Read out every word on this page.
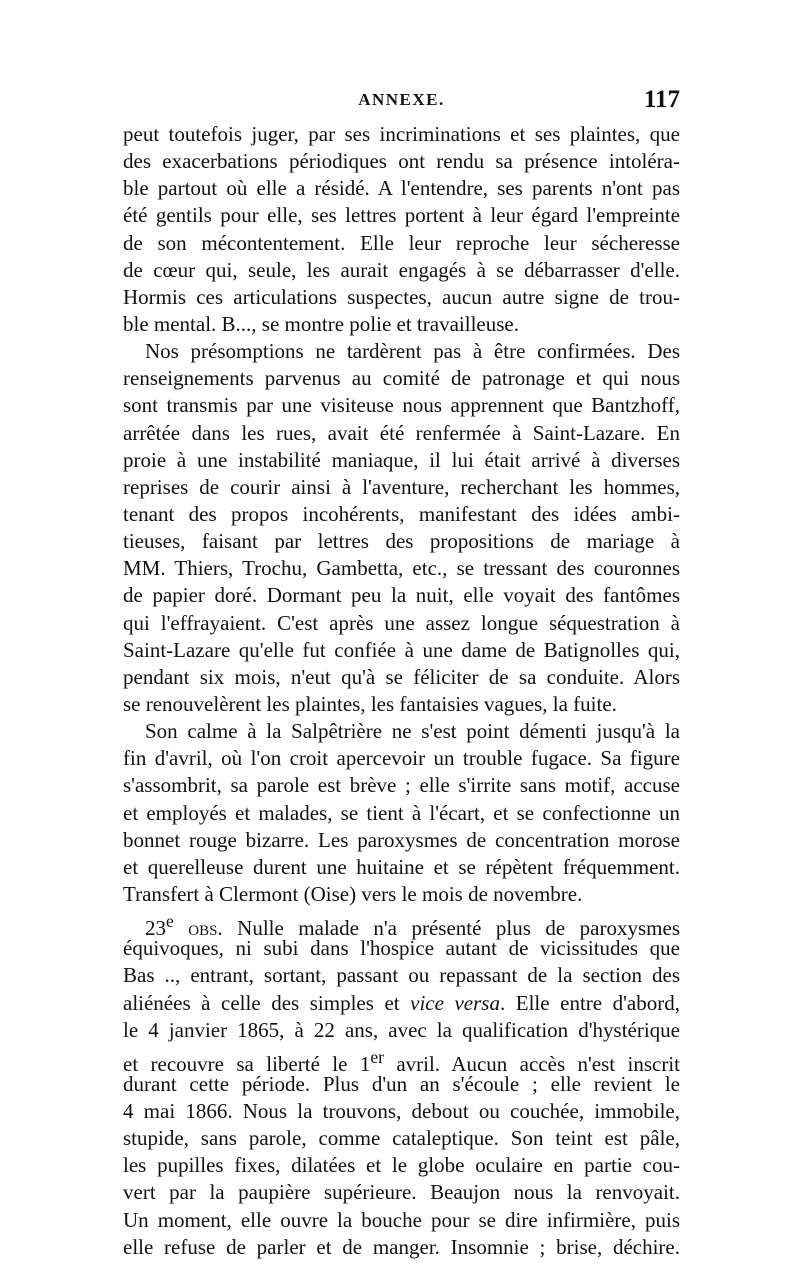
ANNEXE.	117
peut toutefois juger, par ses incriminations et ses plaintes, que
des exacerbations périodiques ont rendu sa présence intoléra-
ble partout où elle a résidé. A l'entendre, ses parents n'ont pas
été gentils pour elle, ses lettres portent à leur égard l'empreinte
de son mécontentement. Elle leur reproche leur sécheresse
de cœur qui, seule, les aurait engagés à se débarrasser d'elle.
Hormis ces articulations suspectes, aucun autre signe de trou-
ble mental. B..., se montre polie et travailleuse.
Nos présomptions ne tardèrent pas à être confirmées. Des
renseignements parvenus au comité de patronage et qui nous
sont transmis par une visiteuse nous apprennent que Bantzhoff,
arrêtée dans les rues, avait été renfermée à Saint-Lazare. En
proie à une instabilité maniaque, il lui était arrivé à diverses
reprises de courir ainsi à l'aventure, recherchant les hommes,
tenant des propos incohérents, manifestant des idées ambi-
tieuses, faisant par lettres des propositions de mariage à
MM. Thiers, Trochu, Gambetta, etc., se tressant des couronnes
de papier doré. Dormant peu la nuit, elle voyait des fantômes
qui l'effrayaient. C'est après une assez longue séquestration à
Saint-Lazare qu'elle fut confiée à une dame de Batignolles qui,
pendant six mois, n'eut qu'à se féliciter de sa conduite. Alors
se renouvelèrent les plaintes, les fantaisies vagues, la fuite.
Son calme à la Salpêtrière ne s'est point démenti jusqu'à la
fin d'avril, où l'on croit apercevoir un trouble fugace. Sa figure
s'assombrit, sa parole est brève ; elle s'irrite sans motif, accuse
et employés et malades, se tient à l'écart, et se confectionne un
bonnet rouge bizarre. Les paroxysmes de concentration morose
et querelleuse durent une huitaine et se répètent fréquemment.
Transfert à Clermont (Oise) vers le mois de novembre.
23e obs. Nulle malade n'a présenté plus de paroxysmes
équivoques, ni subi dans l'hospice autant de vicissitudes que
Bas .., entrant, sortant, passant ou repassant de la section des
aliénées à celle des simples et vice versa. Elle entre d'abord,
le 4 janvier 1865, à 22 ans, avec la qualification d'hystérique
et recouvre sa liberté le 1er avril. Aucun accès n'est inscrit
durant cette période. Plus d'un an s'écoule ; elle revient le
4 mai 1866. Nous la trouvons, debout ou couchée, immobile,
stupide, sans parole, comme cataleptique. Son teint est pâle,
les pupilles fixes, dilatées et le globe oculaire en partie cou-
vert par la paupière supérieure. Beaujon nous la renvoyait.
Un moment, elle ouvre la bouche pour se dire infirmière, puis
elle refuse de parler et de manger. Insomnie ; brise, déchire.
